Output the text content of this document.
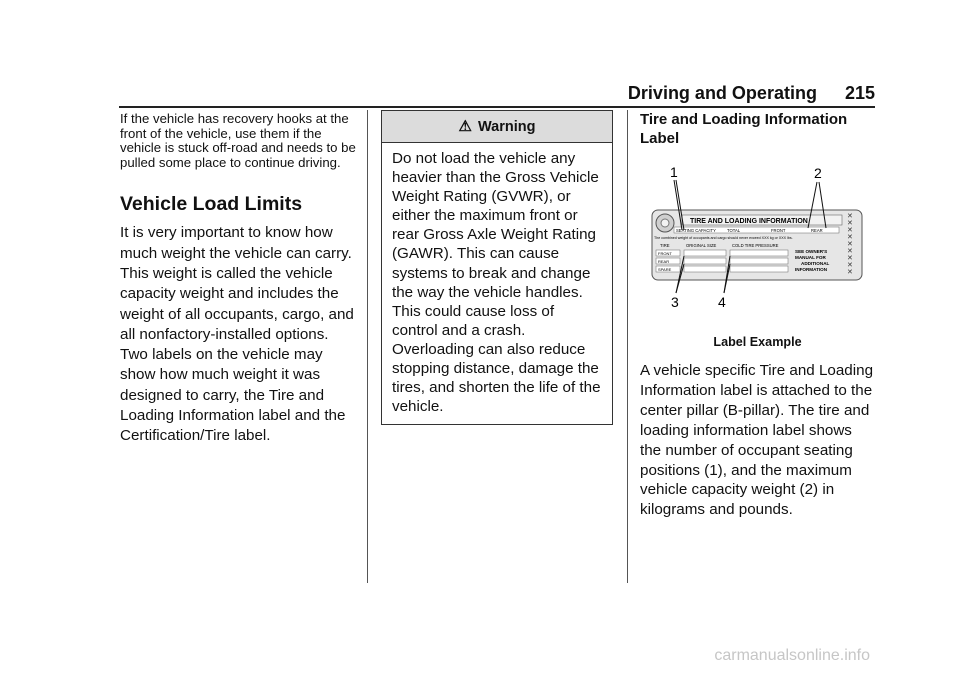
Driving and Operating 215

If the vehicle has recovery hooks at the front of the vehicle, use them if the vehicle is stuck off-road and needs to be pulled some place to continue driving.

Vehicle Load Limits

It is very important to know how much weight the vehicle can carry. This weight is called the vehicle capacity weight and includes the weight of all occupants, cargo, and all nonfactory-installed options. Two labels on the vehicle may show how much weight it was designed to carry, the Tire and Loading Information label and the Certification/Tire label.

⚠ Warning

Do not load the vehicle any heavier than the Gross Vehicle Weight Rating (GVWR), or either the maximum front or rear Gross Axle Weight Rating (GAWR). This can cause systems to break and change the way the vehicle handles. This could cause loss of control and a crash. Overloading can also reduce stopping distance, damage the tires, and shorten the life of the vehicle.

Tire and Loading Information Label

1	2
3	4
✕
✕
✕
✕
✕
✕
✕
✕
✕
TIRE AND LOADING INFORMATION
SEATING CAPACITY	TOTAL	FRONT	REAR
The combined weight of occupants and cargo should never exceed XXX kg or XXX lbs.
TIRE	ORIGINAL SIZE	COLD TIRE PRESSURE
FRONT
REAR
SPARE
SEE OWNER'S
MANUAL FOR
ADDITIONAL
INFORMATION

Label Example

A vehicle specific Tire and Loading Information label is attached to the center pillar (B-pillar). The tire and loading information label shows the number of occupant seating positions (1), and the maximum vehicle capacity weight (2) in kilograms and pounds.

carmanualsonline.info
